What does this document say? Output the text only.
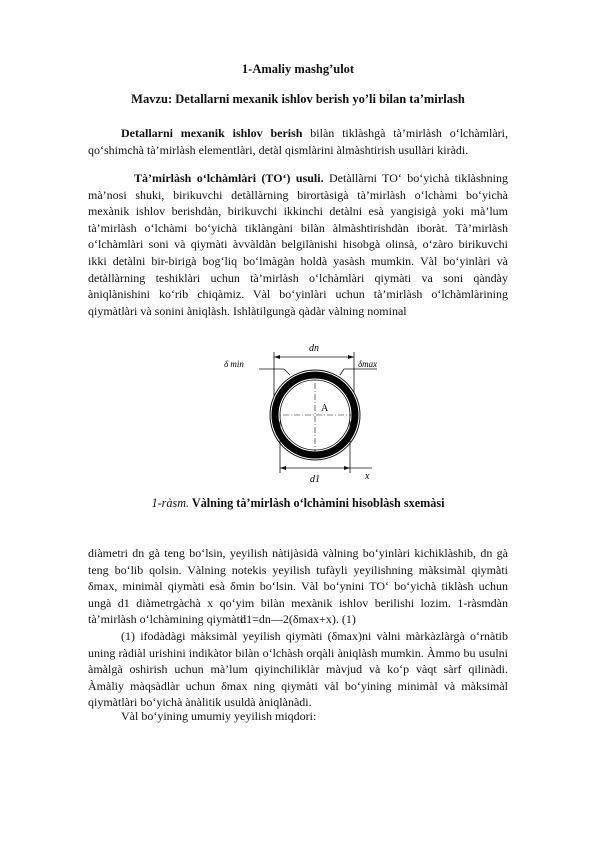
1-Amaliy mashg’ulot
Mavzu: Detallarni mexanik ishlov berish yo’li bilan ta’mirlash

Detallarni mexanik ishlov berish bilàn tiklàshgà tà’mirlàsh o‘lchàmlàri, qo‘shimchà tà’mirlàsh elementlàri, detàl qismlàrini àlmàshtirish usullàri kiràdi.

Tà’mirlàsh o‘lchàmlàri (TO‘) usuli. Detàllàrni TO‘ bo‘yichà tiklàshning mà’nosi shuki, birikuvchi detàllàrning birortàsigà tà’mirlàsh o‘lchàmi bo‘yichà mexànik ishlov berishdàn, birikuvchi ikkinchi detàlni esà yangisigà yoki mà’lum tà’mirlàsh o‘lchàmi bo‘yichà tiklàngàni bilàn àlmàshtirishdàn iboràt. Tà’mirlàsh o‘lchàmlàri soni và qiymàti àvvàldàn belgilànishi hisobgà olinsà, o‘zàro birikuvchi ikki detàlni bir-birigà bog‘liq bo‘lmàgàn holdà yasàsh mumkin. Vàl bo‘yinlàri và detàllàrning teshiklàri uchun tà’mirlàsh o‘lchàmlàri qiymàti va soni qàndày àniqlànishini ko‘rib chiqàmiz. Vàl bo‘yinlàri uchun tà’mirlàsh o‘lchàmlàrining qiymàtlàri và sonini àniqlàsh. Ishlàtilgungà qàdàr vàlning nominal

dn
δ min	δmax
A
d1	x
1-ràsm. Vàlning tà’mirlàsh o‘lchàmini hisoblàsh sxemàsi

diàmetri dn gà teng bo‘lsin, yeyilish nàtijàsidà vàlning bo‘yinlàri kichiklàshib, dn gà teng bo‘lib qolsin. Vàlning notekis yeyilish tufàyli yeyilishning màksimàl qiymàti δmax, minimàl qiymàti esà δmin bo‘lsin. Vàl bo‘ynini TO‘ bo‘yichà tiklàsh uchun ungà d1 diàmetrgàchà x qo‘yim bilàn mexànik ishlov berilishi lozim. 1-ràsmdàn tà’mirlàsh o‘lchàmining qiymàti:

d1=dn—2(δmax+x). (1)

(1) ifodàdàgi màksimàl yeyilish qiymàti (δmax)ni vàlni màrkàzlàrgà o‘rnàtib uning ràdiàl urishini indikàtor bilàn o‘lchàsh orqàli àniqlàsh mumkin. Àmmo bu usulni àmàlgà oshirish uchun mà’lum qiyinchiliklàr màvjud và ko‘p vàqt sàrf qilinàdi. Àmàliy màqsàdlàr uchun δmax ning qiymàti vàl bo‘yining minimàl và màksimàl qiymàtlàri bo‘yichà ànàlitik usuldà àniqlànàdi.

Vàl bo‘yining umumiy yeyilish miqdori:
